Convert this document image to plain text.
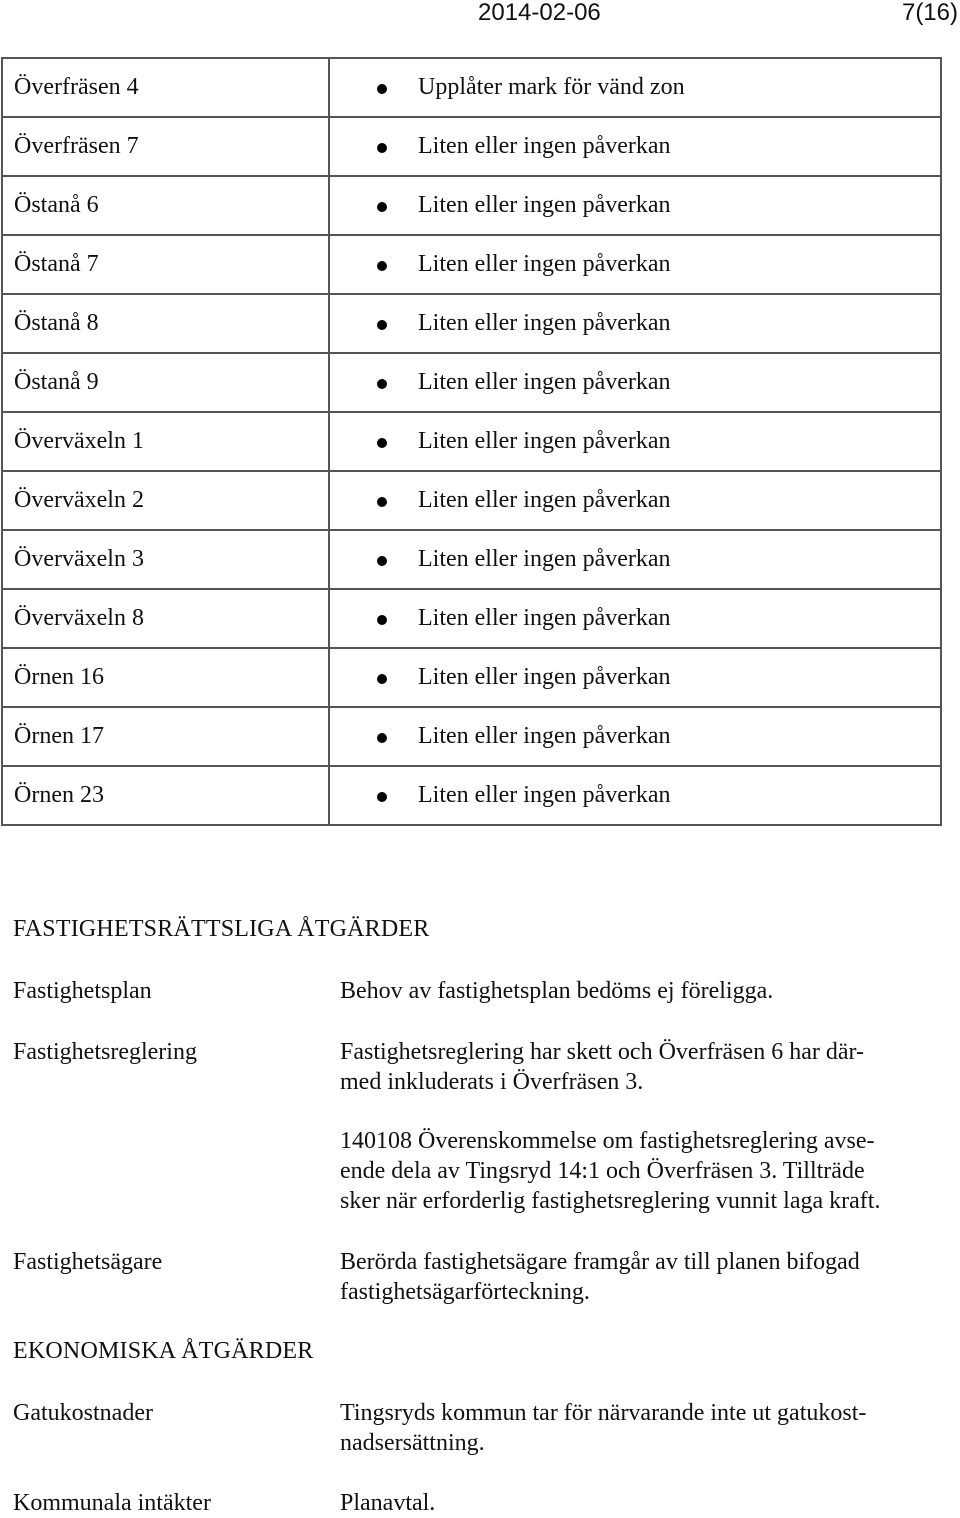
2014-02-06	7(16)
Överfräsen 4	Upplåter mark för vänd zon
Överfräsen 7	Liten eller ingen påverkan
Östanå 6	Liten eller ingen påverkan
Östanå 7	Liten eller ingen påverkan
Östanå 8	Liten eller ingen påverkan
Östanå 9	Liten eller ingen påverkan
Överväxeln 1	Liten eller ingen påverkan
Överväxeln 2	Liten eller ingen påverkan
Överväxeln 3	Liten eller ingen påverkan
Överväxeln 8	Liten eller ingen påverkan
Örnen 16	Liten eller ingen påverkan
Örnen 17	Liten eller ingen påverkan
Örnen 23	Liten eller ingen påverkan
FASTIGHETSRÄTTSLIGA ÅTGÄRDER
Fastighetsplan	Behov av fastighetsplan bedöms ej föreligga.
Fastighetsreglering	Fastighetsreglering har skett och Överfräsen 6 har där-
med inkluderats i Överfräsen 3.
140108 Överenskommelse om fastighetsreglering avse-
ende dela av Tingsryd 14:1 och Överfräsen 3. Tillträde
sker när erforderlig fastighetsreglering vunnit laga kraft.
Fastighetsägare	Berörda fastighetsägare framgår av till planen bifogad
fastighetsägarförteckning.
EKONOMISKA ÅTGÄRDER
Gatukostnader	Tingsryds kommun tar för närvarande inte ut gatukost-
nadsersättning.
Kommunala intäkter	Planavtal.
